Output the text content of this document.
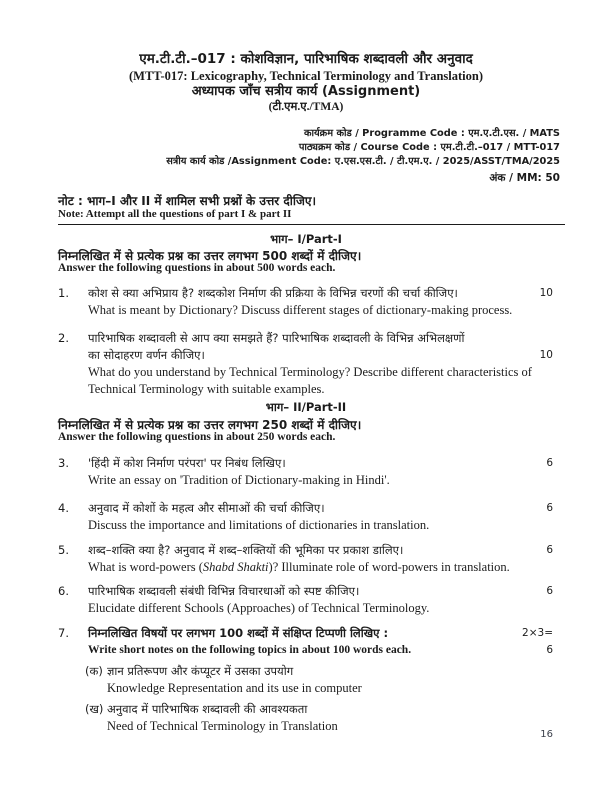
एम.टी.टी.–017 : कोशविज्ञान, पारिभाषिक शब्दावली और अनुवाद
(MTT-017: Lexicography, Technical Terminology and Translation)
अध्यापक जाँच सत्रीय कार्य (Assignment)
(टी.एम.ए./TMA)
कार्यक्रम कोड / Programme Code : एम.ए.टी.एस. / MATS
पाठ्यक्रम कोड / Course Code : एम.टी.टी.–017 / MTT-017
सत्रीय कार्य कोड /Assignment Code: ए.एस.एस.टी. / टी.एम.ए. / 2025/ASST/TMA/2025
अंक / MM: 50
नोट : भाग–I और II में शामिल सभी प्रश्नों के उत्तर दीजिए।
Note: Attempt all the questions of part I & part II
भाग– I/Part-I
निम्नलिखित में से प्रत्येक प्रश्न का उत्तर लगभग 500 शब्दों में दीजिए।
Answer the following questions in about 500 words each.
1.	कोश से क्या अभिप्राय है? शब्दकोश निर्माण की प्रक्रिया के विभिन्न चरणों की चर्चा कीजिए।
What is meant by Dictionary? Discuss different stages of dictionary-making process.
10
2.	पारिभाषिक शब्दावली से आप क्या समझते हैं? पारिभाषिक शब्दावली के विभिन्न अभिलक्षणों
का सोदाहरण वर्णन कीजिए।
What do you understand by Technical Terminology? Describe different characteristics of
Technical Terminology with suitable examples.
10
भाग– II/Part-II
निम्नलिखित में से प्रत्येक प्रश्न का उत्तर लगभग 250 शब्दों में दीजिए।
Answer the following questions in about 250 words each.
3.	'हिंदी में कोश निर्माण परंपरा' पर निबंध लिखिए।
Write an essay on 'Tradition of Dictionary-making in Hindi'.
6
4.	अनुवाद में कोशों के महत्व और सीमाओं की चर्चा कीजिए।
Discuss the importance and limitations of dictionaries in translation.
6
5.	शब्द–शक्ति क्या है? अनुवाद में शब्द–शक्तियों की भूमिका पर प्रकाश डालिए।
What is word-powers (Shabd Shakti)? Illuminate role of word-powers in translation.
6
6.	पारिभाषिक शब्दावली संबंधी विभिन्न विचारधाओं को स्पष्ट कीजिए।
Elucidate different Schools (Approaches) of Technical Terminology.
6
7.	निम्नलिखित विषयों पर लगभग 100 शब्दों में संक्षिप्त टिप्पणी लिखिए :
Write short notes on the following topics in about 100 words each.
2×3= 6
(क) ज्ञान प्रतिरूपण और कंप्यूटर में उसका उपयोग
Knowledge Representation and its use in computer
(ख) अनुवाद में पारिभाषिक शब्दावली की आवश्यकता
Need of Technical Terminology in Translation
16
